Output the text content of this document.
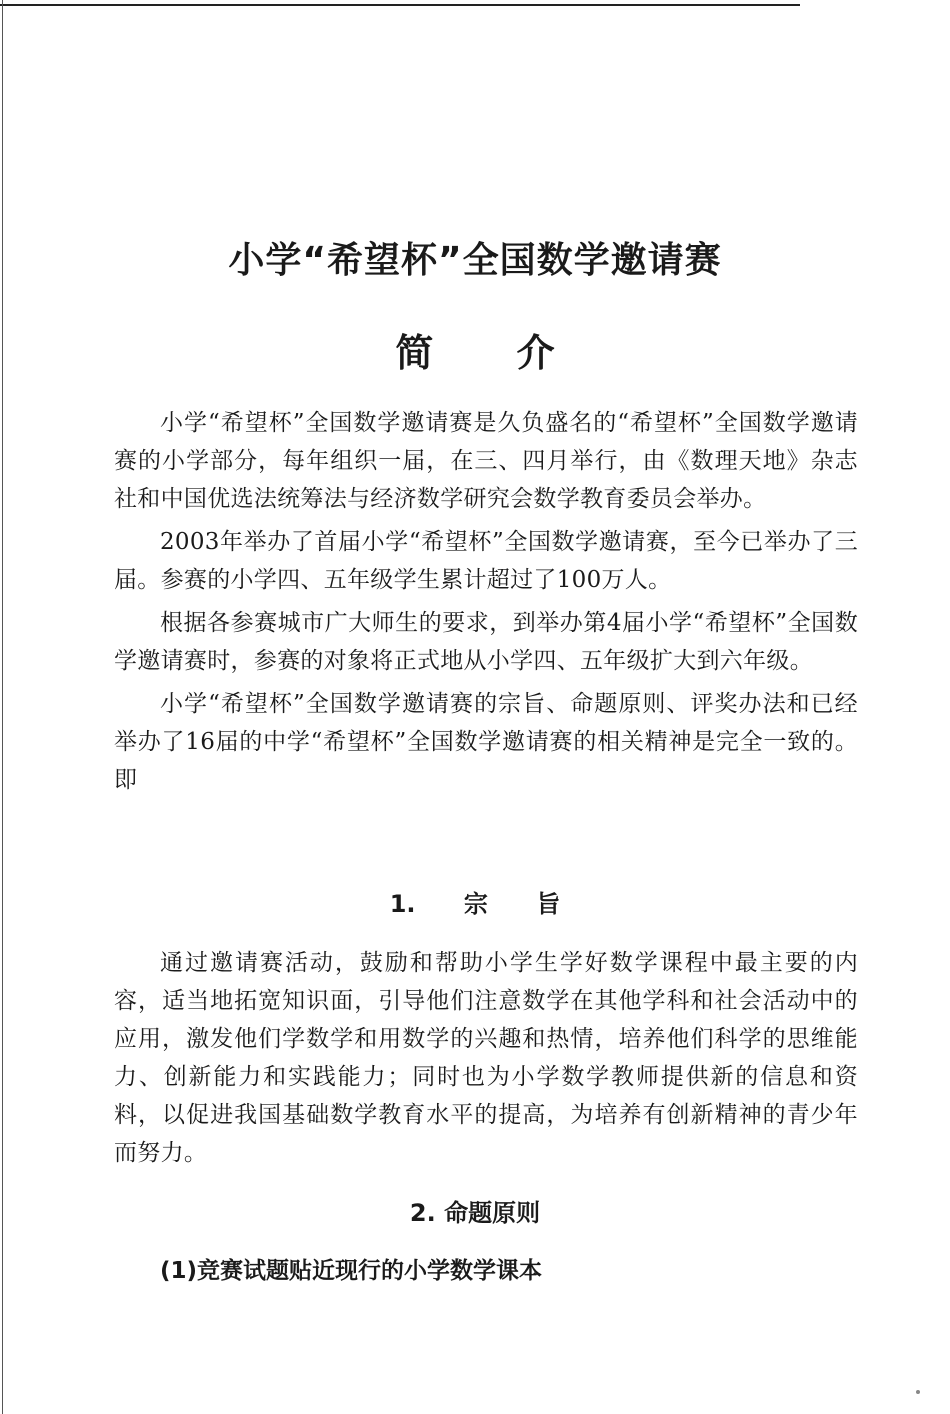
小学“希望杯”全国数学邀请赛
简 介

小学“希望杯”全国数学邀请赛是久负盛名的“希望杯”全国数学邀请赛的小学部分，每年组织一届，在三、四月举行，由《数理天地》杂志社和中国优选法统筹法与经济数学研究会数学教育委员会举办。

2003年举办了首届小学“希望杯”全国数学邀请赛，至今已举办了三届。参赛的小学四、五年级学生累计超过了100万人。

根据各参赛城市广大师生的要求，到举办第4届小学“希望杯”全国数学邀请赛时，参赛的对象将正式地从小学四、五年级扩大到六年级。

小学“希望杯”全国数学邀请赛的宗旨、命题原则、评奖办法和已经举办了16届的中学“希望杯”全国数学邀请赛的相关精神是完全一致的。即

1. 宗 旨

通过邀请赛活动，鼓励和帮助小学生学好数学课程中最主要的内容，适当地拓宽知识面，引导他们注意数学在其他学科和社会活动中的应用，激发他们学数学和用数学的兴趣和热情，培养他们科学的思维能力、创新能力和实践能力；同时也为小学数学教师提供新的信息和资料，以促进我国基础数学教育水平的提高，为培养有创新精神的青少年而努力。

2. 命题原则
(1)竞赛试题贴近现行的小学数学课本
